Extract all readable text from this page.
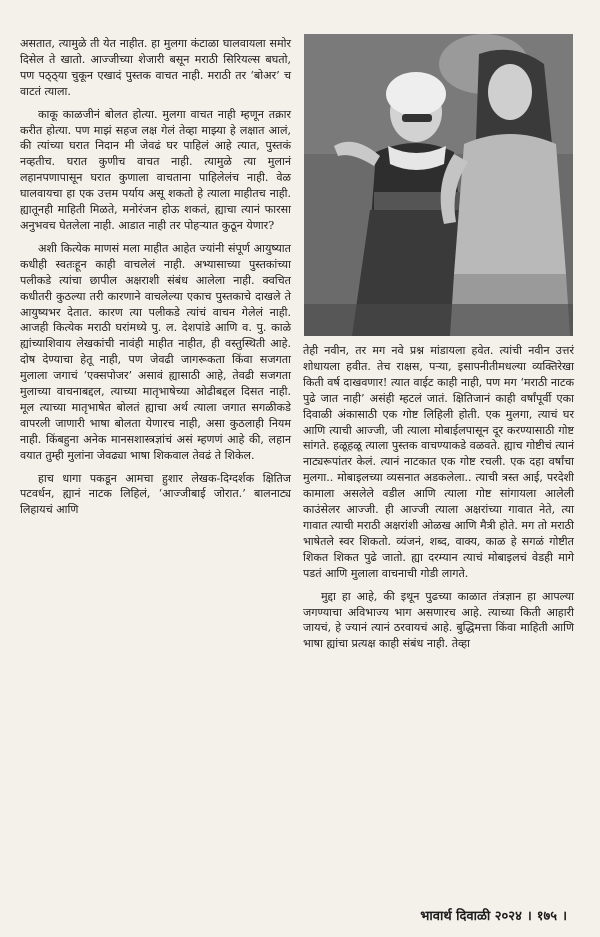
असतात, त्यामुळे ती येत नाहीत. हा मुलगा कंटाळा घालवायला समोर दिसेल ते खातो. आज्जीच्या शेजारी बसून मराठी सिरियल्स बघतो, पण पठ्ठ्या चुकून एखादं पुस्तक वाचत नाही. मराठी तर ‘बोअर’ च वाटतं त्याला.

काकू काळजीनं बोलत होत्या. मुलगा वाचत नाही म्हणून तक्रार करीत होत्या. पण माझं सहज लक्ष गेलं तेव्हा माझ्या हे लक्षात आलं, की त्यांच्या घरात निदान मी जेवढं घर पाहिलं आहे त्यात, पुस्तकं नव्हतीच. घरात कुणीच वाचत नाही. त्यामुळे त्या मुलानं लहानपणापासून घरात कुणाला वाचताना पाहिलेलंच नाही. वेळ घालवायचा हा एक उत्तम पर्याय असू शकतो हे त्याला माहीतच नाही. ह्यातूनही माहिती मिळते, मनोरंजन होऊ शकतं, ह्याचा त्यानं फारसा अनुभवच घेतलेला नाही. आडात नाही तर पोहऱ्यात कुठून येणार?

अशी कित्येक माणसं मला माहीत आहेत ज्यांनी संपूर्ण आयुष्यात कधीही स्वतःहून काही वाचलेलं नाही. अभ्यासाच्या पुस्तकांच्या पलीकडे त्यांचा छापील अक्षराशी संबंध आलेला नाही. क्वचित कधीतरी कुठल्या तरी कारणाने वाचलेल्या एकाच पुस्तकाचे दाखले ते आयुष्यभर देतात. कारण त्या पलीकडे त्यांचं वाचन गेलेलं नाही. आजही कित्येक मराठी घरांमध्ये पु. ल. देशपांडे आणि व. पु. काळे ह्यांच्याशिवाय लेखकांची नावंही माहीत नाहीत, ही वस्तुस्थिती आहे. दोष देण्याचा हेतू नाही, पण जेवढी जागरूकता किंवा सजगता मुलाला जगाचं ‘एक्सपोजर’ असावं ह्यासाठी आहे, तेवढी सजगता मुलाच्या वाचनाबद्दल, त्याच्या मातृभाषेच्या ओढीबद्दल दिसत नाही. मूल त्याच्या मातृभाषेत बोलतं ह्याचा अर्थ त्याला जगात सगळीकडे वापरली जाणारी भाषा बोलता येणारच नाही, असा कुठलाही नियम नाही. किंबहुना अनेक मानसशास्त्रज्ञांचं असं म्हणणं आहे की, लहान वयात तुम्ही मुलांना जेवढ्या भाषा शिकवाल तेवढं ते शिकेल.

हाच धागा पकडून आमचा हुशार लेखक-दिग्दर्शक क्षितिज पटवर्धन, ह्यानं नाटक लिहिलं, ‘आज्जीबाई जोरात.’ बालनाट्य लिहायचं आणि

तेही नवीन, तर मग नवे प्रश्न मांडायला हवेत. त्यांची नवीन उत्तरं शोधायला हवीत. तेच राक्षस, पऱ्या, इसापनीतीमधल्या व्यक्तिरेखा किती वर्ष दाखवणार! त्यात वाईट काही नाही, पण मग ‘मराठी नाटक पुढे जात नाही’ असंही म्हटलं जातं. क्षितिजानं काही वर्षांपूर्वी एका दिवाळी अंकासाठी एक गोष्ट लिहिली होती. एक मुलगा, त्याचं घर आणि त्याची आज्जी, जी त्याला मोबाईलपासून दूर करण्यासाठी गोष्ट सांगते. हळूहळू त्याला पुस्तक वाचण्याकडे वळवते. ह्याच गोष्टीचं त्यानं नाट्यरूपांतर केलं. त्यानं नाटकात एक गोष्ट रचली. एक दहा वर्षांचा मुलगा.. मोबाइलच्या व्यसनात अडकलेला.. त्याची त्रस्त आई, परदेशी कामाला असलेले वडील आणि त्याला गोष्ट सांगायला आलेली काउंसेलर आज्जी. ही आज्जी त्याला अक्षरांच्या गावात नेते, त्या गावात त्याची मराठी अक्षरांशी ओळख आणि मैत्री होते. मग तो मराठी भाषेतले स्वर शिकतो. व्यंजनं, शब्द, वाक्य, काळ हे सगळं गोष्टीत शिकत शिकत पुढे जातो. ह्या दरम्यान त्याचं मोबाइलचं वेडही मागे पडतं आणि मुलाला वाचनाची गोडी लागते.

मुद्दा हा आहे, की इथून पुढच्या काळात तंत्रज्ञान हा आपल्या जगण्याचा अविभाज्य भाग असणारच आहे. त्याच्या किती आहारी जायचं, हे ज्यानं त्यानं ठरवायचं आहे. बुद्धिमत्ता किंवा माहिती आणि भाषा ह्यांचा प्रत्यक्ष काही संबंध नाही. तेव्हा

भावार्थ दिवाळी २०२४ । १७५ ।
